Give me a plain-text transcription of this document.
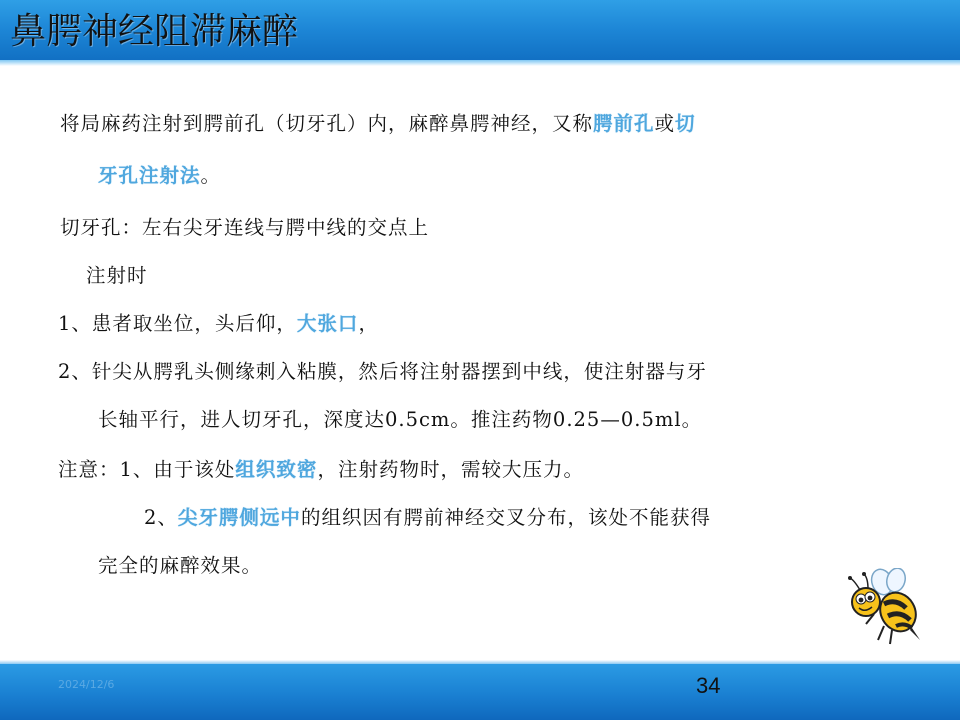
鼻腭神经阻滞麻醉
将局麻药注射到腭前孔（切牙孔）内，麻醉鼻腭神经，又称腭前孔或切
牙孔注射法。
切牙孔：左右尖牙连线与腭中线的交点上
注射时
1、患者取坐位，头后仰，大张口，
2、针尖从腭乳头侧缘刺入粘膜，然后将注射器摆到中线，使注射器与牙
长轴平行，进人切牙孔，深度达0.5cm。推注药物0.25—0.5ml。
注意：1、由于该处组织致密，注射药物时，需较大压力。
2、尖牙腭侧远中的组织因有腭前神经交叉分布，该处不能获得
完全的麻醉效果。
2024/12/6	34
